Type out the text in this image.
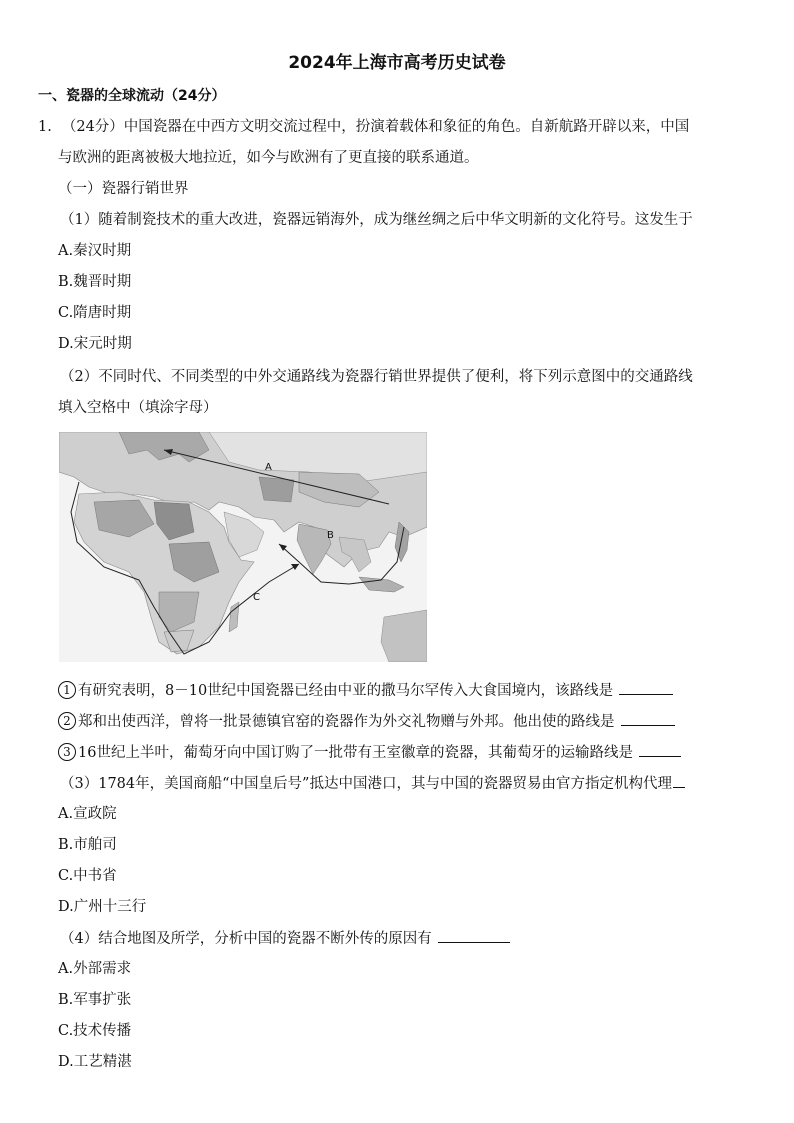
2024年上海市高考历史试卷
一、瓷器的全球流动（24分）
1. （24分）中国瓷器在中西方文明交流过程中，扮演着载体和象征的角色。自新航路开辟以来，中国
与欧洲的距离被极大地拉近，如今与欧洲有了更直接的联系通道。
（一）瓷器行销世界
（1）随着制瓷技术的重大改进，瓷器远销海外，成为继丝绸之后中华文明新的文化符号。这发生于
A.秦汉时期
B.魏晋时期
C.隋唐时期
D.宋元时期
（2）不同时代、不同类型的中外交通路线为瓷器行销世界提供了便利，将下列示意图中的交通路线
填入空格中（填涂字母）
A
B
C
1 有研究表明，8－10世纪中国瓷器已经由中亚的撒马尔罕传入大食国境内，该路线是
2 郑和出使西洋，曾将一批景德镇官窑的瓷器作为外交礼物赠与外邦。他出使的路线是
3 16世纪上半叶，葡萄牙向中国订购了一批带有王室徽章的瓷器，其葡萄牙的运输路线是
（3）1784年，美国商船“中国皇后号”抵达中国港口，其与中国的瓷器贸易由官方指定机构代理
A.宣政院
B.市舶司
C.中书省
D.广州十三行
（4）结合地图及所学，分析中国的瓷器不断外传的原因有
A.外部需求
B.军事扩张
C.技术传播
D.工艺精湛
